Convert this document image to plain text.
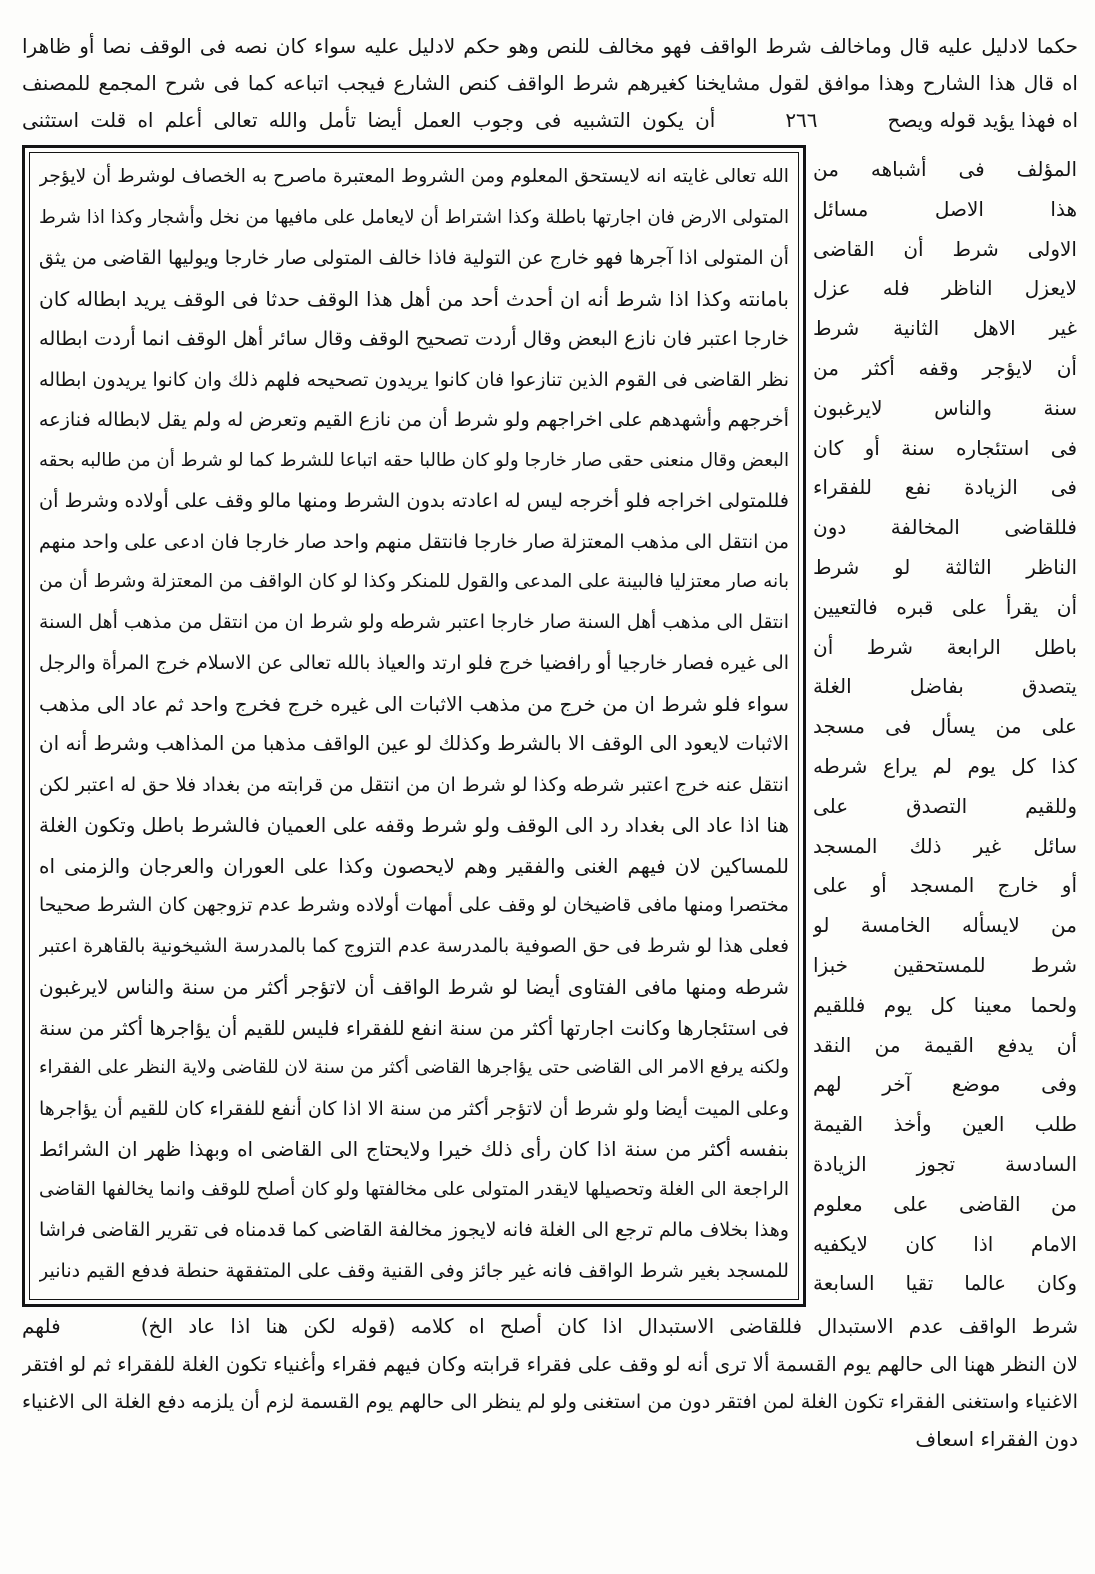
حكما لادليل عليه قال وماخالف شرط الواقف فهو مخالف للنص وهو حكم لادليل عليه سواء كان نصه فى الوقف نصا أو ظاهرا
اه قال هذا الشارح وهذا موافق لقول مشايخنا كغيرهم شرط الواقف كنص الشارع فيجب اتباعه كما فى شرح المجمع للمصنف
اه فهذا يؤيد قوله ويصح
٢٦٦
أن يكون التشبيه فى وجوب العمل أيضا تأمل والله تعالى أعلم اه قلت استثنى
الله تعالى غايته انه لايستحق المعلوم ومن الشروط المعتبرة ماصرح به الخصاف لوشرط أن لايؤجر
المتولى الارض فان اجارتها باطلة وكذا اشتراط أن لايعامل على مافيها من نخل وأشجار وكذا اذا شرط
أن المتولى اذا آجرها فهو خارج عن التولية فاذا خالف المتولى صار خارجا ويوليها القاضى من يثق
بامانته وكذا اذا شرط أنه ان أحدث أحد من أهل هذا الوقف حدثا فى الوقف يريد ابطاله كان
خارجا اعتبر فان نازع البعض وقال أردت تصحيح الوقف وقال سائر أهل الوقف انما أردت ابطاله
نظر القاضى فى القوم الذين تنازعوا فان كانوا يريدون تصحيحه فلهم ذلك وان كانوا يريدون ابطاله
أخرجهم وأشهدهم على اخراجهم ولو شرط أن من نازع القيم وتعرض له ولم يقل لابطاله فنازعه
البعض وقال منعنى حقى صار خارجا ولو كان طالبا حقه اتباعا للشرط كما لو شرط أن من طالبه بحقه
فللمتولى اخراجه فلو أخرجه ليس له اعادته بدون الشرط ومنها مالو وقف على أولاده وشرط أن
من انتقل الى مذهب المعتزلة صار خارجا فانتقل منهم واحد صار خارجا فان ادعى على واحد منهم
بانه صار معتزليا فالبينة على المدعى والقول للمنكر وكذا لو كان الواقف من المعتزلة وشرط أن من
انتقل الى مذهب أهل السنة صار خارجا اعتبر شرطه ولو شرط ان من انتقل من مذهب أهل السنة
الى غيره فصار خارجيا أو رافضيا خرج فلو ارتد والعياذ بالله تعالى عن الاسلام خرج المرأة والرجل
سواء فلو شرط ان من خرج من مذهب الاثبات الى غيره خرج فخرج واحد ثم عاد الى مذهب
الاثبات لايعود الى الوقف الا بالشرط وكذلك لو عين الواقف مذهبا من المذاهب وشرط أنه ان
انتقل عنه خرج اعتبر شرطه وكذا لو شرط ان من انتقل من قرابته من بغداد فلا حق له اعتبر لكن
هنا اذا عاد الى بغداد رد الى الوقف ولو شرط وقفه على العميان فالشرط باطل وتكون الغلة
للمساكين لان فيهم الغنى والفقير وهم لايحصون وكذا على العوران والعرجان والزمنى اه
مختصرا ومنها مافى قاضيخان لو وقف على أمهات أولاده وشرط عدم تزوجهن كان الشرط صحيحا
فعلى هذا لو شرط فى حق الصوفية بالمدرسة عدم التزوج كما بالمدرسة الشيخونية بالقاهرة اعتبر
شرطه ومنها مافى الفتاوى أيضا لو شرط الواقف أن لاتؤجر أكثر من سنة والناس لايرغبون
فى استئجارها وكانت اجارتها أكثر من سنة انفع للفقراء فليس للقيم أن يؤاجرها أكثر من سنة
ولكنه يرفع الامر الى القاضى حتى يؤاجرها القاضى أكثر من سنة لان للقاضى ولاية النظر على الفقراء
وعلى الميت أيضا ولو شرط أن لاتؤجر أكثر من سنة الا اذا كان أنفع للفقراء كان للقيم أن يؤاجرها
بنفسه أكثر من سنة اذا كان رأى ذلك خيرا ولايحتاج الى القاضى اه وبهذا ظهر ان الشرائط
الراجعة الى الغلة وتحصيلها لايقدر المتولى على مخالفتها ولو كان أصلح للوقف وانما يخالفها القاضى
وهذا بخلاف مالم ترجع الى الغلة فانه لايجوز مخالفة القاضى كما قدمناه فى تقرير القاضى فراشا
للمسجد بغير شرط الواقف فانه غير جائز وفى القنية وقف على المتفقهة حنطة فدفع القيم دنانير
المؤلف فى أشباهه من
هذا الاصل مسائل
الاولى شرط أن القاضى
لايعزل الناظر فله عزل
غير الاهل الثانية شرط
أن لايؤجر وقفه أكثر من
سنة والناس لايرغبون
فى استئجاره سنة أو كان
فى الزيادة نفع للفقراء
فللقاضى المخالفة دون
الناظر الثالثة لو شرط
أن يقرأ على قبره فالتعيين
باطل الرابعة شرط أن
يتصدق بفاضل الغلة
على من يسأل فى مسجد
كذا كل يوم لم يراع شرطه
وللقيم التصدق على
سائل غير ذلك المسجد
أو خارج المسجد أو على
من لايسأله الخامسة لو
شرط للمستحقين خبزا
ولحما معينا كل يوم فللقيم
أن يدفع القيمة من النقد
وفى موضع آخر لهم
طلب العين وأخذ القيمة
السادسة تجوز الزيادة
من القاضى على معلوم
الامام اذا كان لايكفيه
وكان عالما تقيا السابعة
شرط الواقف عدم الاستبدال فللقاضى الاستبدال اذا كان أصلح اه كلامه (قوله لكن هنا اذا عاد الخ)
فلهم
لان النظر ههنا الى حالهم يوم القسمة ألا ترى أنه لو وقف على فقراء قرابته وكان فيهم فقراء وأغنياء تكون الغلة للفقراء ثم لو افتقر
الاغنياء واستغنى الفقراء تكون الغلة لمن افتقر دون من استغنى ولو لم ينظر الى حالهم يوم القسمة لزم أن يلزمه دفع الغلة الى الاغنياء
دون الفقراء اسعاف
